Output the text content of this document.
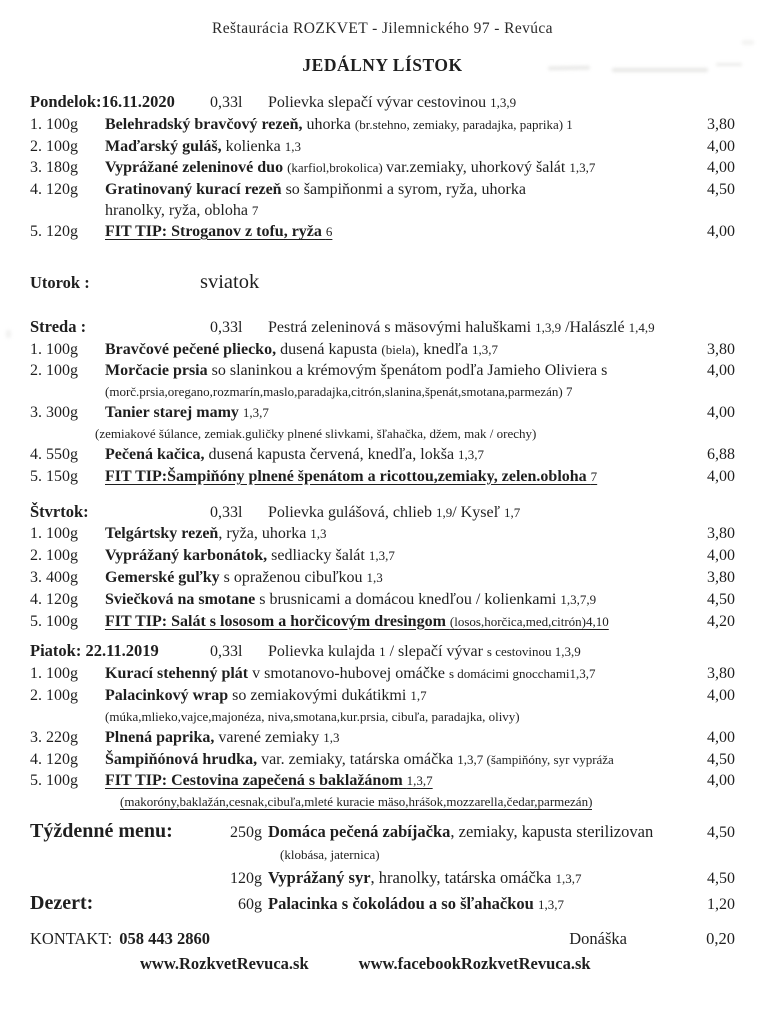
Reštaurácia ROZKVET - Jilemnického 97 - Revúca
JEDÁLNY LÍSTOK
Pondelok:16.11.2020	0,33l	Polievka slepačí vývar cestovinou 1,3,9
1. 100g	Belehradský bravčový rezeň, uhorka (br.stehno, zemiaky, paradajka, paprika) 1	3,80
2. 100g	Maďarský guláš, kolienka 1,3	4,00
3. 180g	Vyprážané zeleninové duo (karfiol,brokolica) var.zemiaky, uhorkový šalát 1,3,7	4,00
4. 120g	Gratinovaný kurací rezeň so šampiňonmi a syrom, ryža, uhorka	4,50
hranolky, ryža, obloha 7
5. 120g	FIT TIP: Stroganov z tofu, ryža 6	4,00
Utorok :	sviatok
Streda :	0,33l	Pestrá zeleninová s mäsovými haluškami 1,3,9 /Halászlé 1,4,9
1. 100g	Bravčové pečené pliecko, dusená kapusta (biela), knedľa 1,3,7	3,80
2. 100g	Morčacie prsia so slaninkou a krémovým špenátom podľa Jamieho Oliviera s	4,00
(morč.prsia,oregano,rozmarín,maslo,paradajka,citrón,slanina,špenát,smotana,parmezán) 7
3. 300g	Tanier starej mamy 1,3,7	4,00
(zemiakové šúlance, zemiak.guličky plnené slivkami, šľahačka, džem, mak / orechy)
4. 550g	Pečená kačica, dusená kapusta červená, knedľa, lokša 1,3,7	6,88
5. 150g	FIT TIP:Šampiňóny plnené špenátom a ricottou,zemiaky, zelen.obloha 7	4,00
Štvrtok:	0,33l	Polievka gulášová, chlieb 1,9/ Kyseľ 1,7
1. 100g	Telgártsky rezeň, ryža, uhorka 1,3	3,80
2. 100g	Vyprážaný karbonátok, sedliacky šalát 1,3,7	4,00
3. 400g	Gemerské guľky s opraženou cibuľkou 1,3	3,80
4. 120g	Sviečková na smotane s brusnicami a domácou knedľou / kolienkami 1,3,7,9	4,50
5. 100g	FIT TIP: Salát s lososom a horčicovým dresingom (losos,horčica,med,citrón)4,10	4,20
Piatok: 22.11.2019	0,33l	Polievka kulajda 1 / slepačí vývar s cestovinou 1,3,9
1. 100g	Kurací stehenný plát v smotanovo-hubovej omáčke s domácimi gnocchami1,3,7	3,80
2. 100g	Palacinkový wrap so zemiakovými dukátikmi 1,7	4,00
(múka,mlieko,vajce,majonéza, niva,smotana,kur.prsia, cibuľa, paradajka, olivy)
3. 220g	Plnená paprika, varené zemiaky 1,3	4,00
4. 120g	Šampiňónová hrudka, var. zemiaky, tatárska omáčka 1,3,7 (šampiňóny, syr vypráža	4,50
5. 100g	FIT TIP: Cestovina zapečená s baklažánom 1,3,7	4,00
(makoróny,baklažán,cesnak,cibuľa,mleté kuracie mäso,hrášok,mozzarella,čedar,parmezán)
Týždenné menu:	250g Domáca pečená zabíjačka, zemiaky, kapusta sterilizovan	4,50
(klobása, jaternica)
120g Vyprážaný syr, hranolky, tatárska omáčka 1,3,7	4,50
Dezert:	60g Palacinka s čokoládou a so šľahačkou 1,3,7	1,20
KONTAKT: 058 443 2860	Donáška	0,20
www.RozkvetRevuca.sk	www.facebookRozkvetRevuca.sk
